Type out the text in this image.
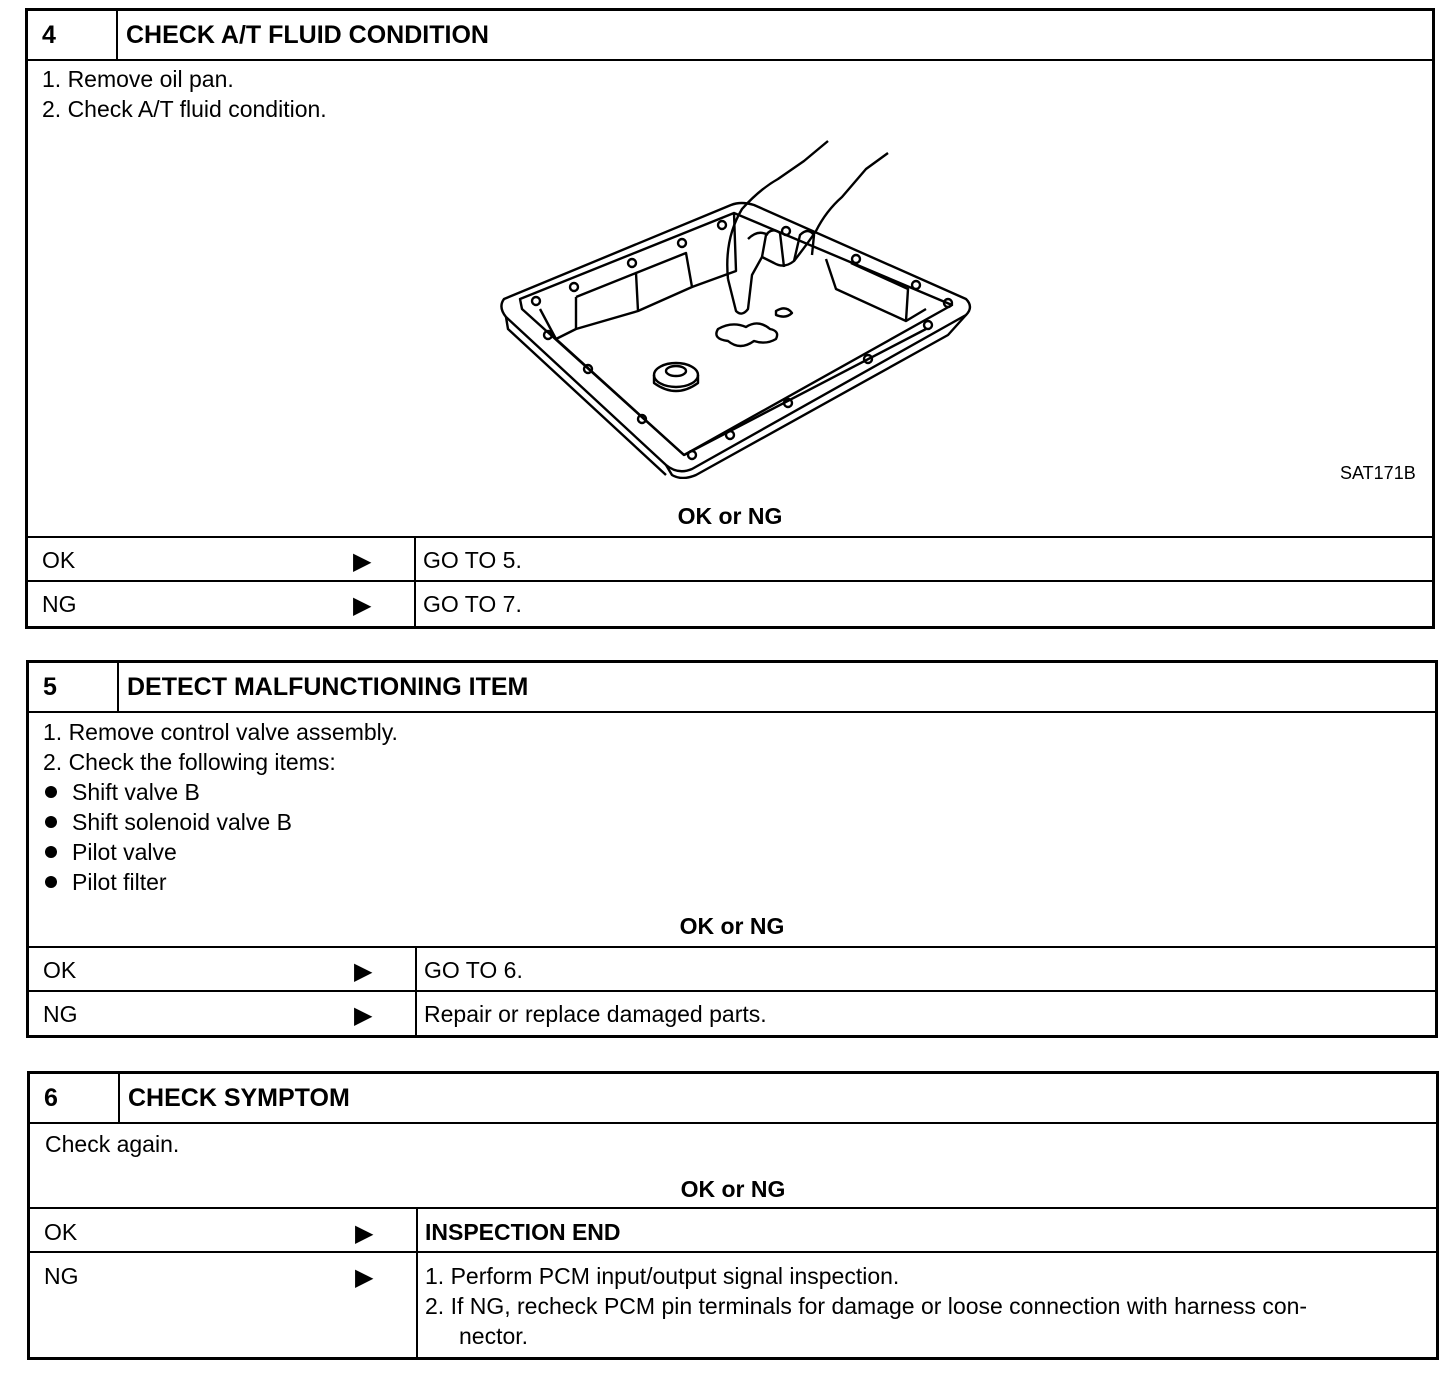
4	CHECK A/T FLUID CONDITION
1. Remove oil pan.
2. Check A/T fluid condition.
SAT171B
OK or NG
OK	▶ GO TO 5.
NG	▶ GO TO 7.
5	DETECT MALFUNCTIONING ITEM
1. Remove control valve assembly.
2. Check the following items:
Shift valve B
Shift solenoid valve B
Pilot valve
Pilot filter
OK or NG
OK	▶ GO TO 6.
NG	▶ Repair or replace damaged parts.
6	CHECK SYMPTOM
Check again.
OK or NG
OK	▶ INSPECTION END
NG	▶ 1. Perform PCM input/output signal inspection.
2. If NG, recheck PCM pin terminals for damage or loose connection with harness con-
nector.
